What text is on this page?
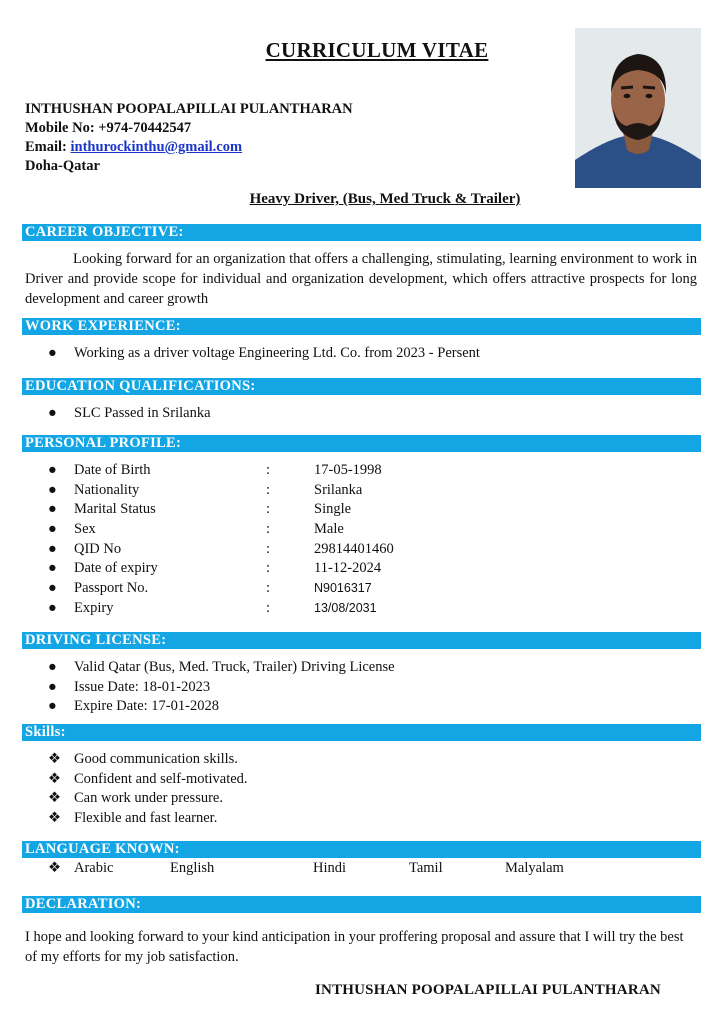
CURRICULUM VITAE
INTHUSHAN POOPALAPILLAI PULANTHARAN
Mobile No: +974-70442547
Email: inthurockinthu@gmail.com
Doha-Qatar
Heavy Driver, (Bus, Med Truck & Trailer)
CAREER OBJECTIVE:
Looking forward for an organization that offers a challenging, stimulating, learning environment to work in Driver and provide scope for individual and organization development, which offers attractive prospects for long development and career growth
WORK EXPERIENCE:
● Working as a driver voltage Engineering Ltd. Co. from 2023 - Persent
EDUCATION QUALIFICATIONS:
● SLC Passed in Srilanka
PERSONAL PROFILE:
● Date of Birth	:	17-05-1998
● Nationality	:	Srilanka
● Marital Status	:	Single
● Sex	:	Male
● QID No	:	29814401460
● Date of expiry	:	11-12-2024
● Passport No.	:	N9016317
● Expiry	:	13/08/2031
DRIVING LICENSE:
● Valid Qatar (Bus, Med. Truck, Trailer) Driving License
● Issue Date: 18-01-2023
● Expire Date: 17-01-2028
Skills:
❖ Good communication skills.
❖ Confident and self-motivated.
❖ Can work under pressure.
❖ Flexible and fast learner.
LANGUAGE KNOWN:
❖ Arabic	English	Hindi	Tamil	Malyalam
DECLARATION:
I hope and looking forward to your kind anticipation in your proffering proposal and assure that I will try the best of my efforts for my job satisfaction.
INTHUSHAN POOPALAPILLAI PULANTHARAN
